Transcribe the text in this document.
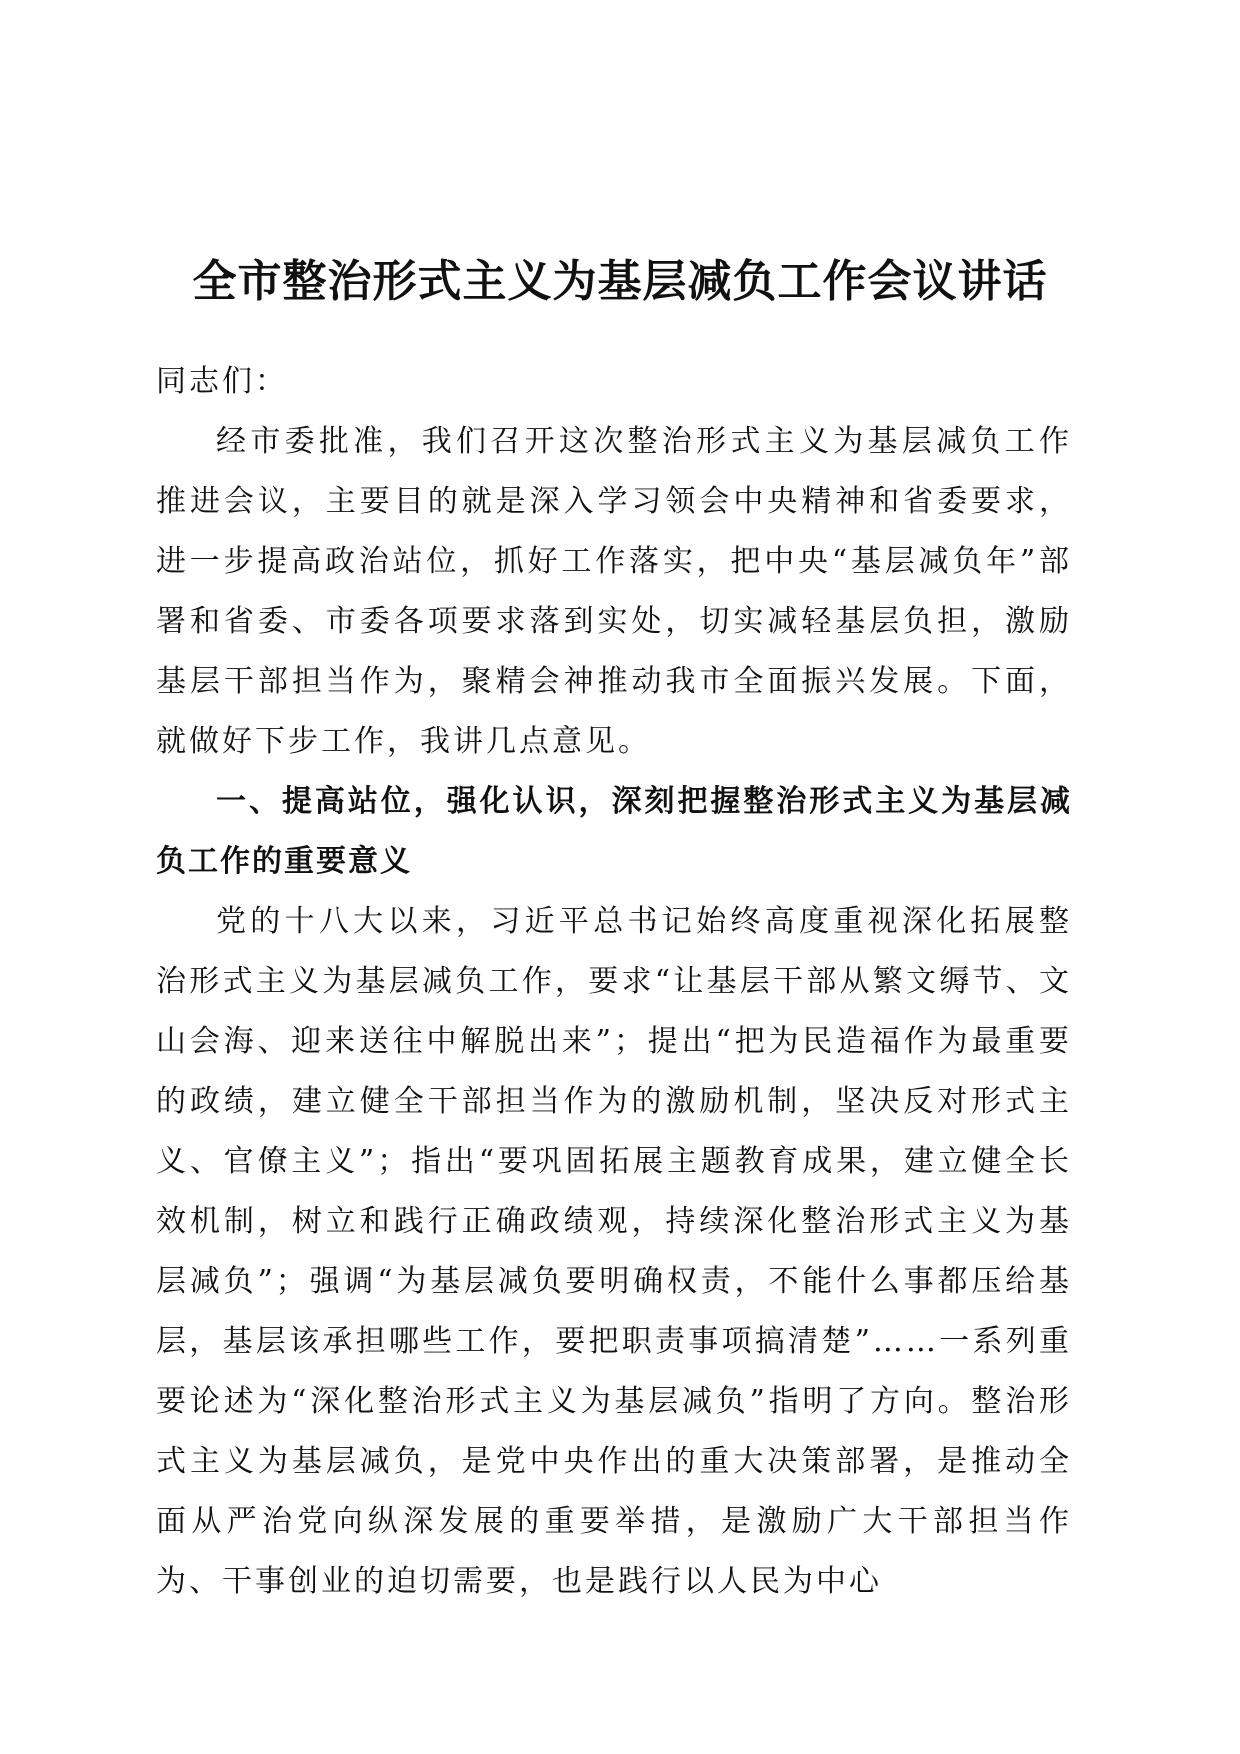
全市整治形式主义为基层减负工作会议讲话

同志们：

经市委批准，我们召开这次整治形式主义为基层减负工作推进会议，主要目的就是深入学习领会中央精神和省委要求，进一步提高政治站位，抓好工作落实，把中央“基层减负年”部署和省委、市委各项要求落到实处，切实减轻基层负担，激励基层干部担当作为，聚精会神推动我市全面振兴发展。下面，就做好下步工作，我讲几点意见。

一、提高站位，强化认识，深刻把握整治形式主义为基层减负工作的重要意义

党的十八大以来，习近平总书记始终高度重视深化拓展整治形式主义为基层减负工作，要求“让基层干部从繁文缛节、文山会海、迎来送往中解脱出来”；提出“把为民造福作为最重要的政绩，建立健全干部担当作为的激励机制，坚决反对形式主义、官僚主义”；指出“要巩固拓展主题教育成果，建立健全长效机制，树立和践行正确政绩观，持续深化整治形式主义为基层减负”；强调“为基层减负要明确权责，不能什么事都压给基层，基层该承担哪些工作，要把职责事项搞清楚”……一系列重要论述为“深化整治形式主义为基层减负”指明了方向。整治形式主义为基层减负，是党中央作出的重大决策部署，是推动全面从严治党向纵深发展的重要举措，是激励广大干部担当作为、干事创业的迫切需要，也是践行以人民为中心
